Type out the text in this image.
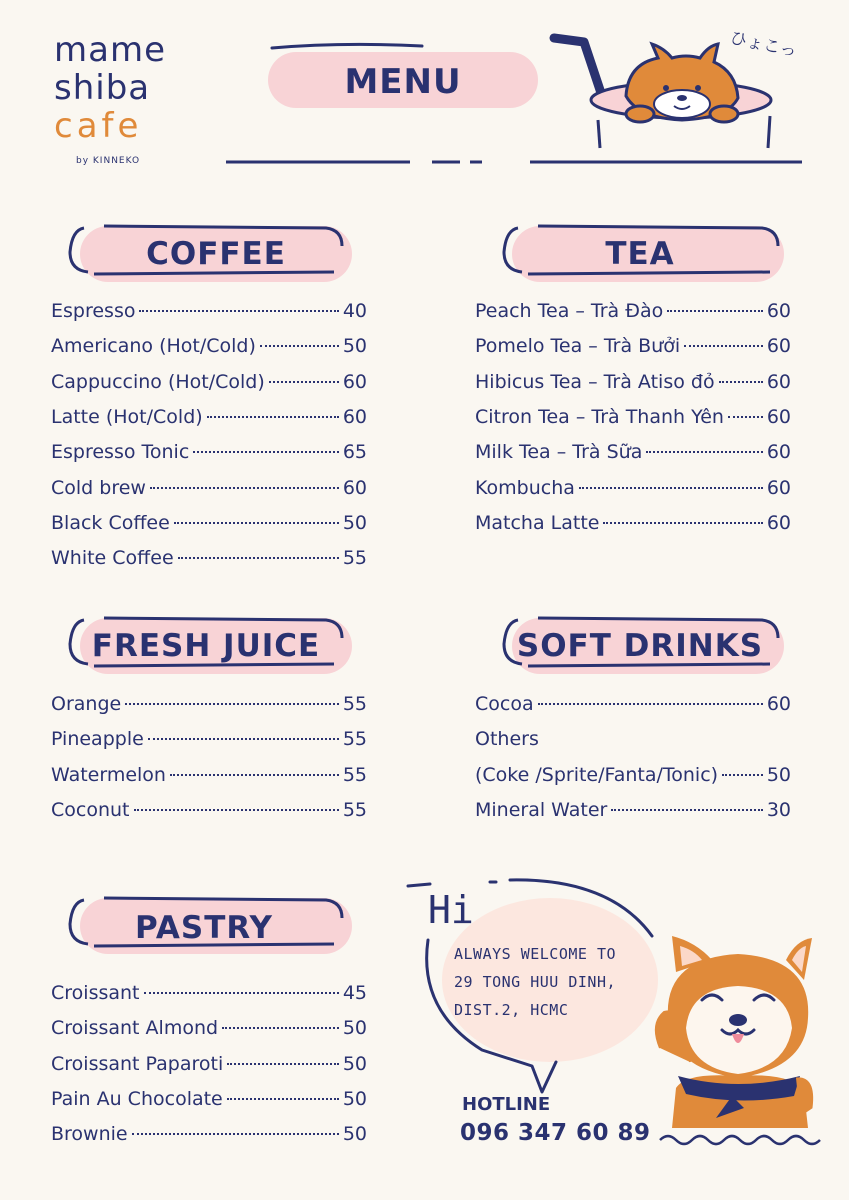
mame
shiba
cafe
by KINNEKO
MENU
ひょこっ
COFFEE
Espresso	40
Americano (Hot/Cold)	50
Cappuccino (Hot/Cold)	60
Latte (Hot/Cold)	60
Espresso Tonic	65
Cold brew	60
Black Coffee	50
White Coffee	55
TEA
Peach Tea – Trà Đào	60
Pomelo Tea – Trà Bưởi	60
Hibicus Tea – Trà Atiso đỏ	60
Citron Tea – Trà Thanh Yên 60
Milk Tea – Trà Sữa	60
Kombucha	60
Matcha Latte	60
FRESH JUICE
Orange	55
Pineapple	55
Watermelon	55
Coconut	55
SOFT DRINKS
Cocoa	60
Others
(Coke /Sprite/Fanta/Tonic)	50
Mineral Water	30
PASTRY
Croissant	45
Croissant Almond	50
Croissant Paparoti	50
Pain Au Chocolate	50
Brownie	50
Hi
ALWAYS WELCOME TO
29 TONG HUU DINH,
DIST.2, HCMC
HOTLINE
096 347 60 89
